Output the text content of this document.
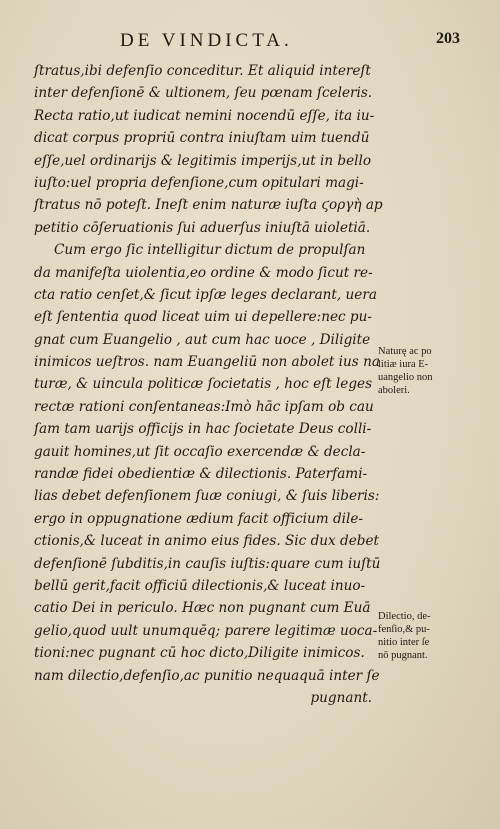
DE VINDICTA.	203
ſtratus,ibi defenſio conceditur. Et aliquid intereſt
inter defenſionē & ultionem, ſeu pœnam ſceleris.
Recta ratio,ut iudicat nemini nocendū eſſe, ita iu-
dicat corpus propriū contra iniuſtam uim tuendū
eſſe,uel ordinarijs & legitimis imperijs,ut in bello
iuſto:uel propria defenſione,cum opitulari magi-
ſtratus nō poteſt. Ineſt enim naturæ iuſta ϛοργὴ ap
petitio cōſeruationis ſui aduerſus iniuſtā uioletiā.
Cum ergo ſic intelligitur dictum de propulſan
da manifeſta uiolentia,eo ordine & modo ſicut re-
cta ratio cenſet,& ſicut ipſæ leges declarant, uera
eſt ſententia quod liceat uim ui depellere:nec pu-
gnat cum Euangelio , aut cum hac uoce , Diligite
inimicos ueſtros. nam Euangeliū non abolet ius na
turæ, & uincula politicæ ſocietatis , hoc eſt leges
rectæ rationi conſentaneas:Imò hāc ipſam ob cau
ſam tam uarijs officijs in hac ſocietate Deus colli-
gauit homines,ut ſit occaſio exercendæ & decla-
randæ fidei obedientiæ & dilectionis. Paterfami-
lias debet defenſionem ſuæ coniugi, & ſuis liberis:
ergo in oppugnatione ædium facit officium dile-
ctionis,& luceat in animo eius fides. Sic dux debet
defenſionē ſubditis,in cauſis iuſtis:quare cum iuſtū
bellū gerit,facit officiū dilectionis,& luceat inuo-
catio Dei in periculo. Hæc non pugnant cum Euā
gelio,quod uult unumquēq; parere legitimæ uoca-
tioni:nec pugnant cū hoc dicto,Diligite inimicos.
nam dilectio,defenſio,ac punitio nequaquā inter ſe
pugnant.
Naturę ac po
litiæ iura E-
uangelio non
aboleri.
Dilectio, de-
fenſio,& pu-
nitio inter ſe
nō pugnant.
